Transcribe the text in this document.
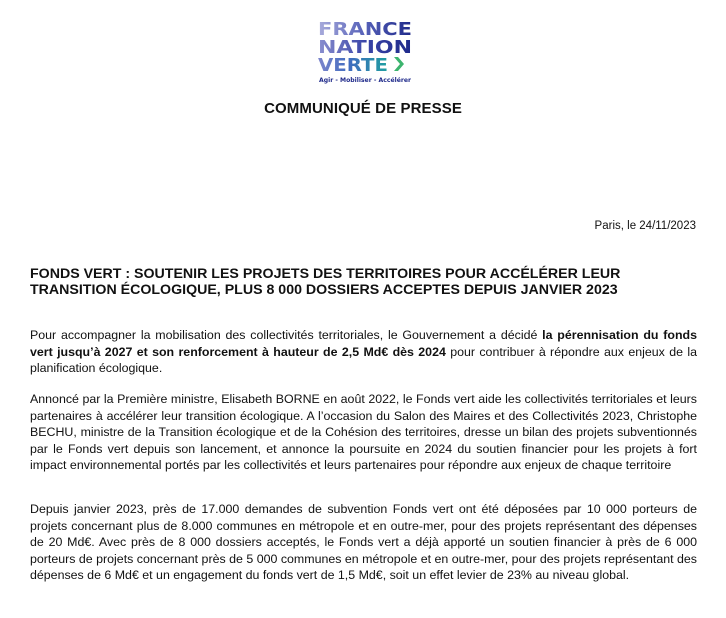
FRANCE
NATION
VERTE
Agir - Mobiliser - Accélérer
COMMUNIQUÉ DE PRESSE
Paris, le 24/11/2023
FONDS VERT : SOUTENIR LES PROJETS DES TERRITOIRES POUR ACCÉLÉRER LEUR TRANSITION ÉCOLOGIQUE, PLUS 8 000 DOSSIERS ACCEPTES DEPUIS JANVIER 2023

Pour accompagner la mobilisation des collectivités territoriales, le Gouvernement a décidé la pérennisation du fonds vert jusqu’à 2027 et son renforcement à hauteur de 2,5 Md€ dès 2024 pour contribuer à répondre aux enjeux de la planification écologique.

Annoncé par la Première ministre, Elisabeth BORNE en août 2022, le Fonds vert aide les collectivités territoriales et leurs partenaires à accélérer leur transition écologique. A l’occasion du Salon des Maires et des Collectivités 2023, Christophe BECHU, ministre de la Transition écologique et de la Cohésion des territoires, dresse un bilan des projets subventionnés par le Fonds vert depuis son lancement, et annonce la poursuite en 2024 du soutien financier pour les projets à fort impact environnemental portés par les collectivités et leurs partenaires pour répondre aux enjeux de chaque territoire

Depuis janvier 2023, près de 17.000 demandes de subvention Fonds vert ont été déposées par 10 000 porteurs de projets concernant plus de 8.000 communes en métropole et en outre-mer, pour des projets représentant des dépenses de 20 Md€. Avec près de 8 000 dossiers acceptés, le Fonds vert a déjà apporté un soutien financier à près de 6 000 porteurs de projets concernant près de 5 000 communes en métropole et en outre-mer, pour des projets représentant des dépenses de 6 Md€ et un engagement du fonds vert de 1,5 Md€, soit un effet levier de 23% au niveau global.
